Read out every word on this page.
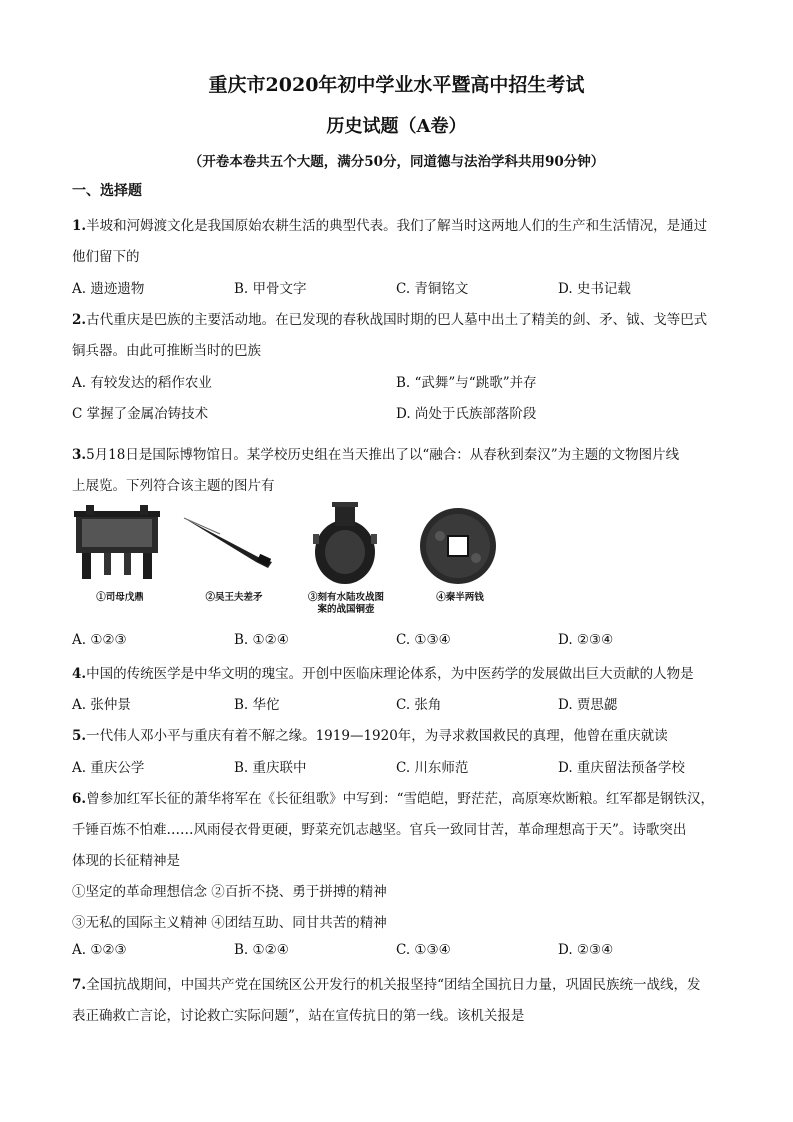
重庆市2020年初中学业水平暨高中招生考试
历史试题（A卷）
（开卷本卷共五个大题，满分50分，同道德与法治学科共用90分钟）
一、选择题
1.半坡和河姆渡文化是我国原始农耕生活的典型代表。我们了解当时这两地人们的生产和生活情况，是通过
他们留下的
A. 遗迹遗物	B. 甲骨文字	C. 青铜铭文	D. 史书记载
2.古代重庆是巴族的主要活动地。在已发现的春秋战国时期的巴人墓中出土了精美的剑、矛、钺、戈等巴式
铜兵器。由此可推断当时的巴族
A. 有较发达的稻作农业	B. “武舞”与“跳歌”并存
C 掌握了金属冶铸技术	D. 尚处于氏族部落阶段
3.5月18日是国际博物馆日。某学校历史组在当天推出了以“融合：从春秋到秦汉”为主题的文物图片线
上展览。下列符合该主题的图片有
①司母戊鼎	②吴王夫差矛	③刻有水陆攻战图案的战国铜壶
④秦半两钱
A. ①②③	B. ①②④	C. ①③④	D. ②③④
4.中国的传统医学是中华文明的瑰宝。开创中医临床理论体系，为中医药学的发展做出巨大贡献的人物是
A. 张仲景	B. 华佗	C. 张角	D. 贾思勰
5.一代伟人邓小平与重庆有着不解之缘。1919—1920年，为寻求救国救民的真理，他曾在重庆就读
A. 重庆公学	B. 重庆联中	C. 川东师范	D. 重庆留法预备学校
6.曾参加红军长征的萧华将军在《长征组歌》中写到：“雪皑皑，野茫茫，高原寒炊断粮。红军都是钢铁汉，
千锤百炼不怕难……风雨侵衣骨更硬，野菜充饥志越坚。官兵一致同甘苦，革命理想高于天”。诗歌突出
体现的长征精神是
①坚定的革命理想信念 ②百折不挠、勇于拼搏的精神
③无私的国际主义精神 ④团结互助、同甘共苦的精神
A. ①②③	B. ①②④	C. ①③④	D. ②③④
7.全国抗战期间，中国共产党在国统区公开发行的机关报坚持“团结全国抗日力量，巩固民族统一战线，发
表正确救亡言论，讨论救亡实际问题”，站在宣传抗日的第一线。该机关报是
